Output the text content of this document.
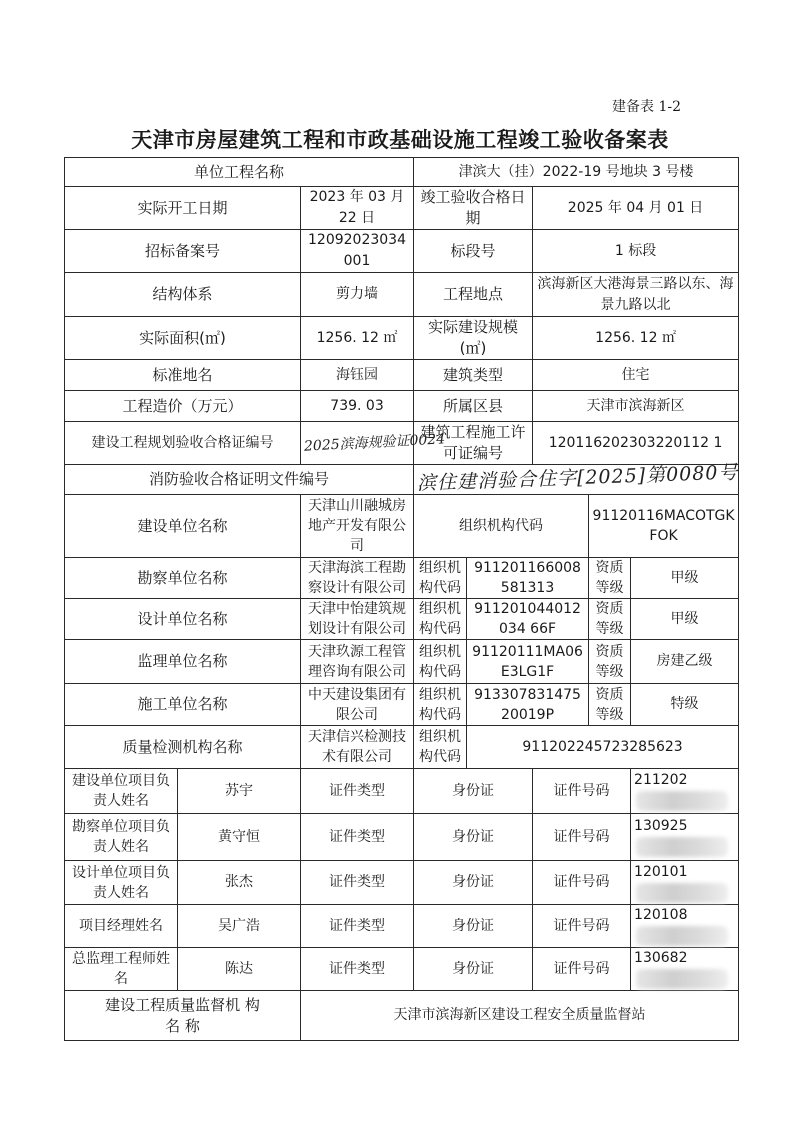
建备表 1-2
天津市房屋建筑工程和市政基础设施工程竣工验收备案表
单位工程名称			津滨大（挂）2022-19 号地块 3 号楼				
实际开工日期		2023 年 03 月 22 日	竣工验收合格日期		2025 年 04 月 01 日		
招标备案号		12092023034001	标段号		1 标段		
结构体系		剪力墙	工程地点		滨海新区大港海景三路以东、海景九路以北		
实际面积(㎡)		1256. 12 ㎡	实际建设规模(㎡)		1256. 12 ㎡		
标准地名		海钰园	建筑类型		住宅		
工程造价（万元）		739. 03	所属区县		天津市滨海新区		
建设工程规划验收合格证编号		2025滨海规验证0024	建筑工程施工许可证编号		120116202303220112 1		
消防验收合格证明文件编号			滨住建消验合住字[2025]第0080号				
建设单位名称		天津山川融城房地产开发有限公司	组织机构代码			91120116MACOTGKFOK	
勘察单位名称		天津海滨工程勘察设计有限公司	组织机构代码	911201166008581313		资质等级	甲级
设计单位名称		天津中怡建筑规划设计有限公司	组织机构代码	911201044012034 66F		资质等级	甲级
监理单位名称		天津玖源工程管理咨询有限公司	组织机构代码	91120111MA06E3LG1F		资质等级	房建乙级
施工单位名称		中天建设集团有限公司	组织机构代码	913307831475 20019P		资质等级	特级
质量检测机构名称		天津信兴检测技术有限公司	组织机构代码	911202245723285623			
建设单位项目负责人姓名	苏宇	证件类型	身份证		证件号码		211202
勘察单位项目负责人姓名	黄守恒	证件类型	身份证		证件号码		130925
设计单位项目负责人姓名	张杰	证件类型	身份证		证件号码		120101
项目经理姓名	吴广浩	证件类型	身份证		证件号码		120108
总监理工程师姓名	陈达	证件类型	身份证		证件号码		130682
建设工程质量监督机 构 名 称		天津市滨海新区建设工程安全质量监督站					
